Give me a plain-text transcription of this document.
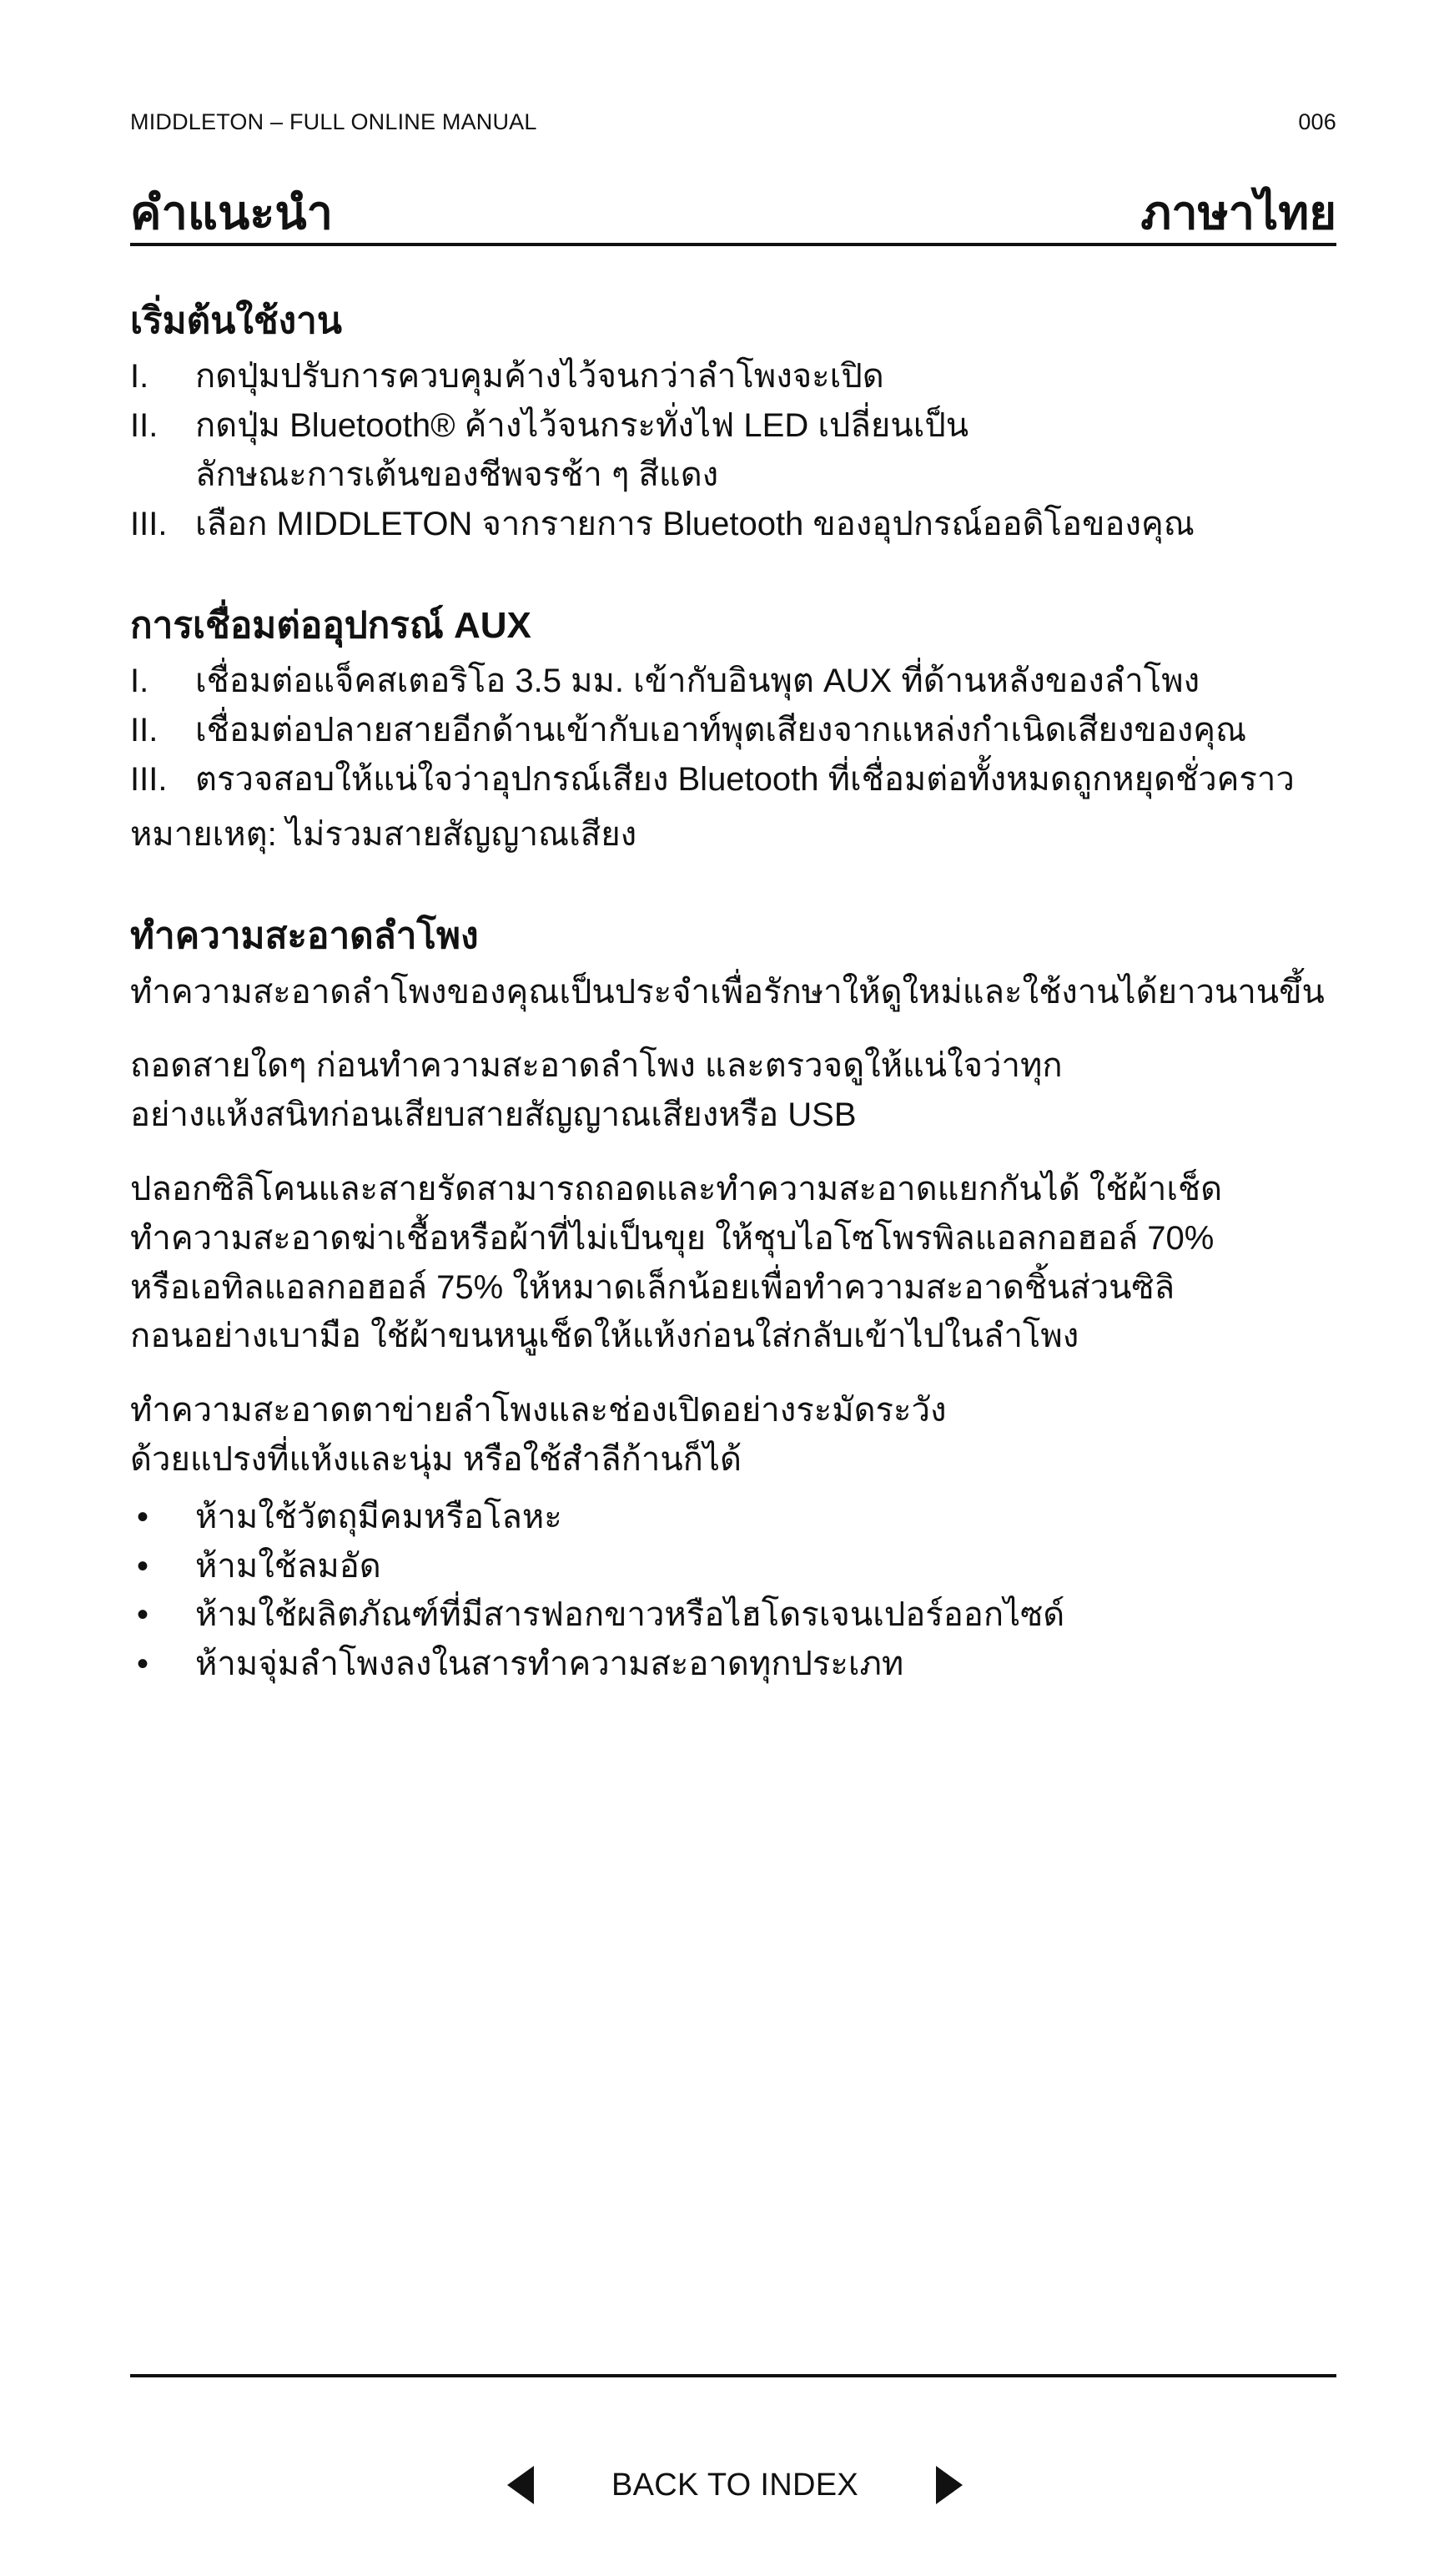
MIDDLETON – FULL ONLINE MANUAL	006
คำแนะนำ	ภาษาไทย
เริ่มต้นใช้งาน
I.	กดปุ่มปรับการควบคุมค้างไว้จนกว่าลำโพงจะเปิด
II.	กดปุ่ม Bluetooth® ค้างไว้จนกระทั่งไฟ LED เปลี่ยนเป็น
ลักษณะการเต้นของชีพจรช้า ๆ สีแดง
III. เลือก MIDDLETON จากรายการ Bluetooth ของอุปกรณ์ออดิโอของคุณ
การเชื่อมต่ออุปกรณ์ AUX
I.	เชื่อมต่อแจ็คสเตอริโอ 3.5 มม. เข้ากับอินพุต AUX ที่ด้านหลังของลำโพง
II.	เชื่อมต่อปลายสายอีกด้านเข้ากับเอาท์พุตเสียงจากแหล่งกำเนิดเสียงของคุณ
III. ตรวจสอบให้แน่ใจว่าอุปกรณ์เสียง Bluetooth ที่เชื่อมต่อทั้งหมดถูกหยุดชั่วคราว

หมายเหตุ: ไม่รวมสายสัญญาณเสียง

ทำความสะอาดลำโพง

ทำความสะอาดลำโพงของคุณเป็นประจำเพื่อรักษาให้ดูใหม่และใช้งานได้ยาวนานขึ้น

ถอดสายใดๆ ก่อนทำความสะอาดลำโพง และตรวจดูให้แน่ใจว่าทุก
อย่างแห้งสนิทก่อนเสียบสายสัญญาณเสียงหรือ USB

ปลอกซิลิโคนและสายรัดสามารถถอดและทำความสะอาดแยกกันได้ ใช้ผ้าเช็ด
ทำความสะอาดฆ่าเชื้อหรือผ้าที่ไม่เป็นขุย ให้ชุบไอโซโพรพิลแอลกอฮอล์ 70%
หรือเอทิลแอลกอฮอล์ 75% ให้หมาดเล็กน้อยเพื่อทำความสะอาดชิ้นส่วนซิลิ
กอนอย่างเบามือ ใช้ผ้าขนหนูเช็ดให้แห้งก่อนใส่กลับเข้าไปในลำโพง

ทำความสะอาดตาข่ายลำโพงและช่องเปิดอย่างระมัดระวัง
ด้วยแปรงที่แห้งและนุ่ม หรือใช้สำลีก้านก็ได้

•	ห้ามใช้วัตถุมีคมหรือโลหะ
•	ห้ามใช้ลมอัด
•	ห้ามใช้ผลิตภัณฑ์ที่มีสารฟอกขาวหรือไฮโดรเจนเปอร์ออกไซด์
•	ห้ามจุ่มลำโพงลงในสารทำความสะอาดทุกประเภท
BACK TO INDEX
